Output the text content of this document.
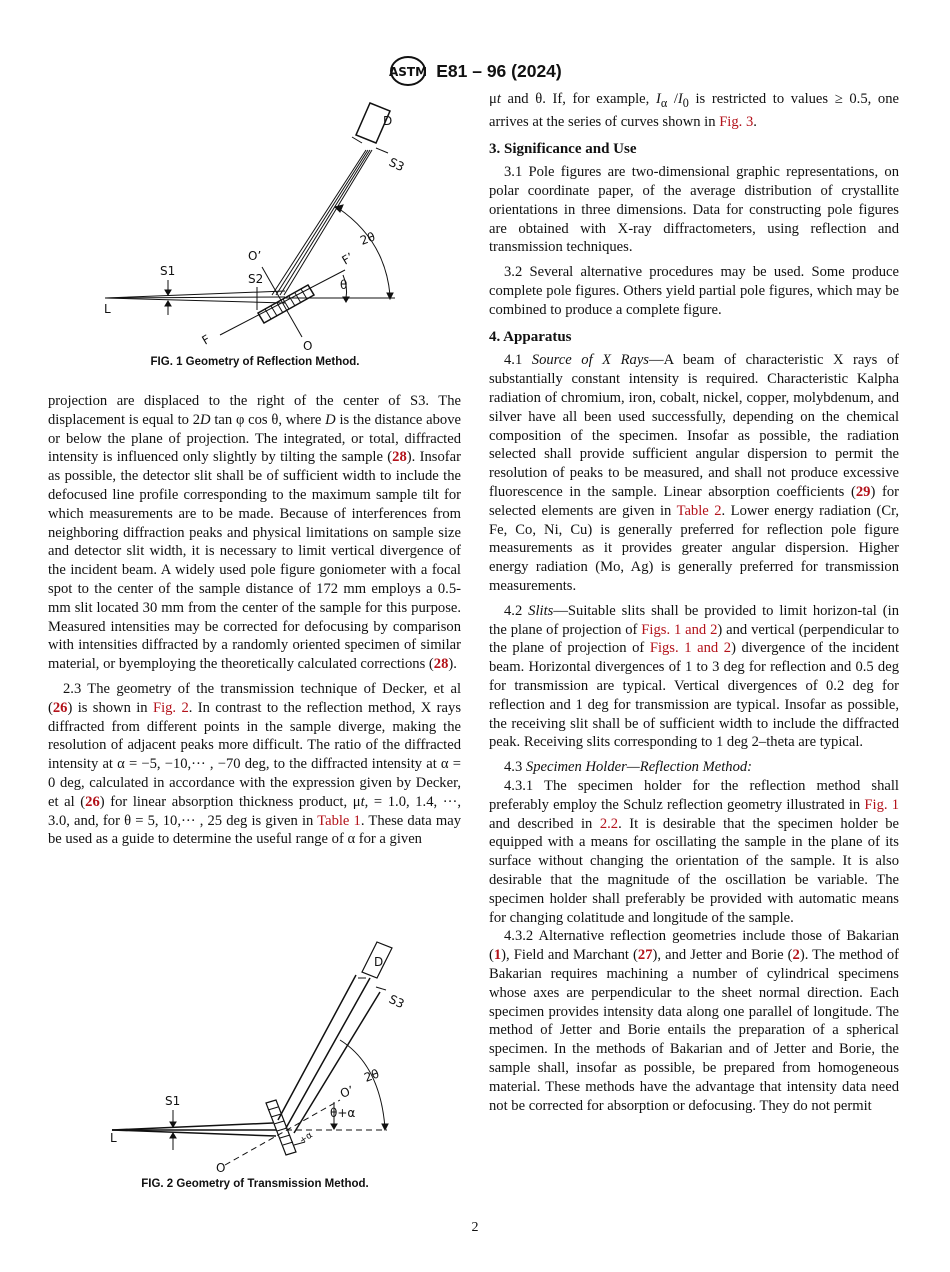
ASTM E81 – 96 (2024)
D
S3
2θ
O’	F’
S1
S2	θ
L
F	O
FIG. 1 Geometry of Reflection Method.

projection are displaced to the right of the center of S3. The displacement is equal to 2D tan φ cos θ, where D is the distance above or below the plane of projection. The integrated, or total, diffracted intensity is influenced only slightly by tilting the sample (28). Insofar as possible, the detector slit shall be of sufficient width to include the defocused line profile corresponding to the maximum sample tilt for which measurements are to be made. Because of interferences from neighboring diffraction peaks and physical limitations on sample size and detector slit width, it is necessary to limit vertical divergence of the incident beam. A widely used pole figure goniometer with a focal spot to the center of the sample distance of 172 mm employs a 0.5-mm slit located 30 mm from the center of the sample for this purpose. Measured intensities may be corrected for defocusing by comparison with intensities diffracted by a randomly oriented specimen of similar material, or byemploying the theoretically calculated corrections (28).

2.3 The geometry of the transmission technique of Decker, et al (26) is shown in Fig. 2. In contrast to the reflection method, X rays diffracted from different points in the sample diverge, making the resolution of adjacent peaks more difficult. The ratio of the diffracted intensity at α = −5, −10,··· , −70 deg, to the diffracted intensity at α = 0 deg, calculated in accordance with the expression given by Decker, et al (26) for linear absorption thickness product, μt, = 1.0, 1.4, ···, 3.0, and, for θ = 5, 10,··· , 25 deg is given in Table 1. These data may be used as a guide to determine the useful range of α for a given

D
S3
2θ
O’
θ+α
+α
S1
L
O
FIG. 2 Geometry of Transmission Method.

μt and θ. If, for example, $I_\alpha$ $/I_0$ is restricted to values ≥ 0.5, one arrives at the series of curves shown in Fig. 3.

3. Significance and Use

3.1 Pole figures are two-dimensional graphic representations, on polar coordinate paper, of the average distribution of crystallite orientations in three dimensions. Data for constructing pole figures are obtained with X-ray diffractometers, using reflection and transmission techniques.

3.2 Several alternative procedures may be used. Some produce complete pole figures. Others yield partial pole figures, which may be combined to produce a complete figure.

4. Apparatus

4.1 Source of X Rays—A beam of characteristic X rays of substantially constant intensity is required. Characteristic Kalpha radiation of chromium, iron, cobalt, nickel, copper, molybdenum, and silver have all been used successfully, depending on the chemical composition of the specimen. Insofar as possible, the radiation selected shall provide sufficient angular dispersion to permit the resolution of peaks to be measured, and shall not produce excessive fluorescence in the sample. Linear absorption coefficients (29) for selected elements are given in Table 2. Lower energy radiation (Cr, Fe, Co, Ni, Cu) is generally preferred for reflection pole figure measurements as it provides greater angular dispersion. Higher energy radiation (Mo, Ag) is generally preferred for transmission measurements.

4.2 Slits—Suitable slits shall be provided to limit horizon-tal (in the plane of projection of Figs. 1 and 2) and vertical (perpendicular to the plane of projection of Figs. 1 and 2) divergence of the incident beam. Horizontal divergences of 1 to 3 deg for reflection and 0.5 deg for transmission are typical. Vertical divergences of 0.2 deg for reflection and 1 deg for transmission are typical. Insofar as possible, the receiving slit shall be of sufficient width to include the diffracted peak. Receiving slits corresponding to 1 deg 2–theta are typical.

4.3 Specimen Holder—Reflection Method:

4.3.1 The specimen holder for the reflection method shall preferably employ the Schulz reflection geometry illustrated in Fig. 1 and described in 2.2. It is desirable that the specimen holder be equipped with a means for oscillating the sample in the plane of its surface without changing the orientation of the sample. It is also desirable that the magnitude of the oscillation be variable. The specimen holder shall preferably be provided with automatic means for changing colatitude and longitude of the sample.

4.3.2 Alternative reflection geometries include those of Bakarian (1), Field and Marchant (27), and Jetter and Borie (2). The method of Bakarian requires machining a number of cylindrical specimens whose axes are perpendicular to the sheet normal direction. Each specimen provides intensity data along one parallel of longitude. The method of Jetter and Borie entails the preparation of a spherical specimen. In the methods of Bakarian and of Jetter and Borie, the sample shall, insofar as possible, be prepared from homogeneous material. These methods have the advantage that intensity data need not be corrected for absorption or defocusing. They do not permit

2
